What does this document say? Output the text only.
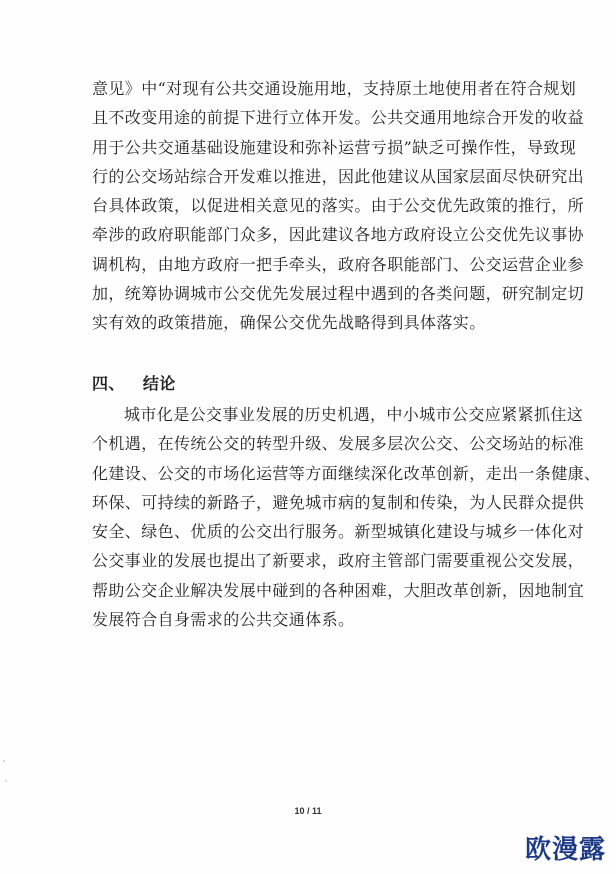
意见》中“对现有公共交通设施用地，支持原土地使用者在符合规划
且不改变用途的前提下进行立体开发。公共交通用地综合开发的收益
用于公共交通基础设施建设和弥补运营亏损”缺乏可操作性，导致现
行的公交场站综合开发难以推进，因此他建议从国家层面尽快研究出
台具体政策，以促进相关意见的落实。由于公交优先政策的推行，所
牵涉的政府职能部门众多，因此建议各地方政府设立公交优先议事协
调机构，由地方政府一把手牵头，政府各职能部门、公交运营企业参
加，统筹协调城市公交优先发展过程中遇到的各类问题，研究制定切
实有效的政策措施，确保公交优先战略得到具体落实。
四、 结论
城市化是公交事业发展的历史机遇，中小城市公交应紧紧抓住这
个机遇，在传统公交的转型升级、发展多层次公交、公交场站的标准
化建设、公交的市场化运营等方面继续深化改革创新，走出一条健康、
环保、可持续的新路子，避免城市病的复制和传染，为人民群众提供
安全、绿色、优质的公交出行服务。新型城镇化建设与城乡一体化对
公交事业的发展也提出了新要求，政府主管部门需要重视公交发展，
帮助公交企业解决发展中碰到的各种困难，大胆改革创新，因地制宜
发展符合自身需求的公共交通体系。
10 / 11
欧漫露
